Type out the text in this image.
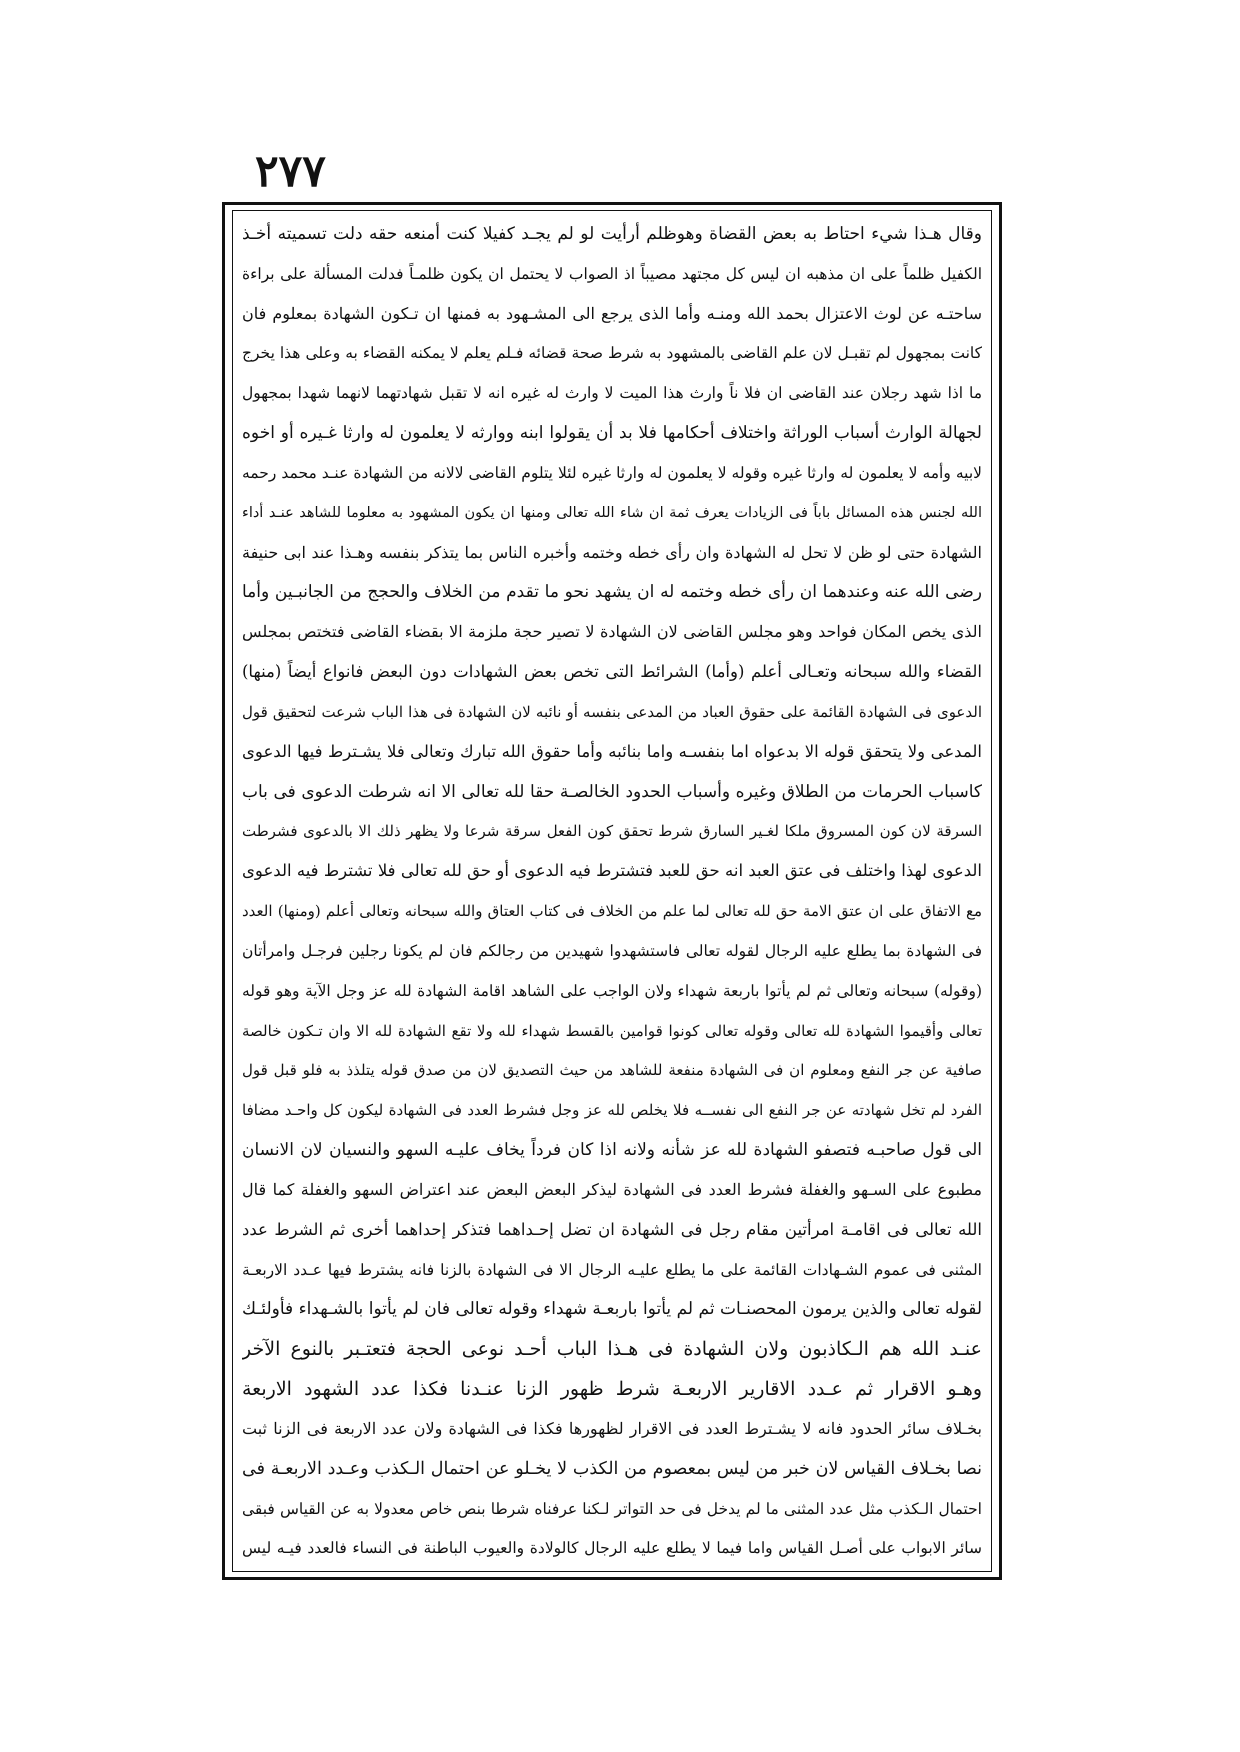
٢٧٧
وقال هـذا شيء احتاط به بعض القضاة وهوظلم أرأيت لو لم يجـد كفيلا كنت أمنعه حقه دلت تسميته أخـذ
الكفيل ظلماً على ان مذهبه ان ليس كل مجتهد مصيباً اذ الصواب لا يحتمل ان يكون ظلمـاً فدلت المسألة على براءة
ساحتـه عن لوث الاعتزال بحمد الله ومنـه وأما الذى يرجع الى المشـهود به فمنها ان تـكون الشهادة بمعلوم فان
كانت بمجهول لم تقبـل لان علم القاضى بالمشهود به شرط صحة قضائه فـلم يعلم لا يمكنه القضاء به وعلى هذا يخرج
ما اذا شهد رجلان عند القاضى ان فلا ناً وارث هذا الميت لا وارث له غيره انه لا تقبل شهادتهما لانهما شهدا بمجهول
لجهالة الوارث أسباب الوراثة واختلاف أحكامها فلا بد أن يقولوا ابنه ووارثه لا يعلمون له وارثا غـيره أو اخوه
لابيه وأمه لا يعلمون له وارثا غيره وقوله لا يعلمون له وارثا غيره لئلا يتلوم القاضى لالانه من الشهادة عنـد محمد رحمه
الله لجنس هذه المسائل باباً فى الزيادات يعرف ثمة ان شاء الله تعالى ومنها ان يكون المشهود به معلوما للشاهد عنـد أداء
الشهادة حتى لو ظن لا تحل له الشهادة وان رأى خطه وختمه وأخبره الناس بما يتذكر بنفسه وهـذا عند ابى حنيفة
رضى الله عنه وعندهما ان رأى خطه وختمه له ان يشهد نحو ما تقدم من الخلاف والحجج من الجانبـين وأما
الذى يخص المكان فواحد وهو مجلس القاضى لان الشهادة لا تصير حجة ملزمة الا بقضاء القاضى فتختص بمجلس
القضاء والله سبحانه وتعـالى أعلم (وأما) الشرائط التى تخص بعض الشهادات دون البعض فانواع أيضاً (منها)
الدعوى فى الشهادة القائمة على حقوق العباد من المدعى بنفسه أو نائبه لان الشهادة فى هذا الباب شرعت لتحقيق قول
المدعى ولا يتحقق قوله الا بدعواه اما بنفسـه واما بنائبه وأما حقوق الله تبارك وتعالى فلا يشـترط فيها الدعوى
كاسباب الحرمات من الطلاق وغيره وأسباب الحدود الخالصـة حقا لله تعالى الا انه شرطت الدعوى فى باب
السرقة لان كون المسروق ملكا لغـير السارق شرط تحقق كون الفعل سرقة شرعا ولا يظهر ذلك الا بالدعوى فشرطت
الدعوى لهذا واختلف فى عتق العبد انه حق للعبد فتشترط فيه الدعوى أو حق لله تعالى فلا تشترط فيه الدعوى
مع الاتفاق على ان عتق الامة حق لله تعالى لما علم من الخلاف فى كتاب العتاق والله سبحانه وتعالى أعلم (ومنها) العدد
فى الشهادة بما يطلع عليه الرجال لقوله تعالى فاستشهدوا شهيدين من رجالكم فان لم يكونا رجلين فرجـل وامرأتان
(وقوله) سبحانه وتعالى ثم لم يأتوا باربعة شهداء ولان الواجب على الشاهد اقامة الشهادة لله عز وجل الآية وهو قوله
تعالى وأقيموا الشهادة لله تعالى وقوله تعالى كونوا قوامين بالقسط شهداء لله ولا تقع الشهادة لله الا وان تـكون خالصة
صافية عن جر النفع ومعلوم ان فى الشهادة منفعة للشاهد من حيث التصديق لان من صدق قوله يتلذذ به فلو قبل قول
الفرد لم تخل شهادته عن جر النفع الى نفســه فلا يخلص لله عز وجل فشرط العدد فى الشهادة ليكون كل واحـد مضافا
الى قول صاحبـه فتصفو الشهادة لله عز شأنه ولانه اذا كان فرداً يخاف عليـه السهو والنسيان لان الانسان
مطبوع على السـهو والغفلة فشرط العدد فى الشهادة ليذكر البعض البعض عند اعتراض السهو والغفلة كما قال
الله تعالى فى اقامـة امرأتين مقام رجل فى الشهادة ان تضل إحـداهما فتذكر إحداهما أخرى ثم الشرط عدد
المثنى فى عموم الشـهادات القائمة على ما يطلع عليـه الرجال الا فى الشهادة بالزنا فانه يشترط فيها عـدد الاربعـة
لقوله تعالى والذين يرمون المحصنـات ثم لم يأتوا باربعـة شهداء وقوله تعالى فان لم يأتوا بالشـهداء فأولئـك
عنـد الله هم الـكاذبون ولان الشهادة فى هـذا الباب أحـد نوعى الحجة فتعتـبر بالنوع الآخر
وهـو الاقرار ثم عـدد الاقارير الاربعـة شرط ظهور الزنا عنـدنا فكذا عدد الشهود الاربعة
بخـلاف سائر الحدود فانه لا يشـترط العدد فى الاقرار لظهورها فكذا فى الشهادة ولان عدد الاربعة فى الزنا ثبت
نصا بخـلاف القياس لان خبر من ليس بمعصوم من الكذب لا يخـلو عن احتمال الـكذب وعـدد الاربعـة فى
احتمال الـكذب مثل عدد المثنى ما لم يدخل فى حد التواتر لـكنا عرفناه شرطا بنص خاص معدولا به عن القياس فبقى
سائر الابواب على أصـل القياس واما فيما لا يطلع عليه الرجال كالولادة والعيوب الباطنة فى النساء فالعدد فيـه ليس
